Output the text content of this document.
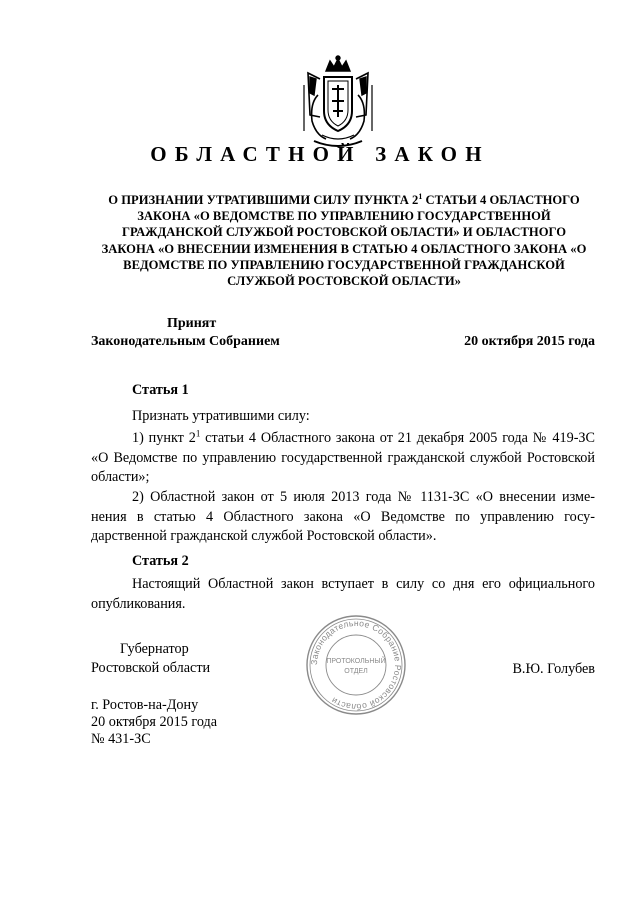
ОБЛАСТНОЙ ЗАКОН
О ПРИЗНАНИИ УТРАТИВШИМИ СИЛУ ПУНКТА $2^1$ СТАТЬИ 4 ОБЛАСТНОГО
ЗАКОНА «О ВЕДОМСТВЕ ПО УПРАВЛЕНИЮ ГОСУДАРСТВЕННОЙ
ГРАЖДАНСКОЙ СЛУЖБОЙ РОСТОВСКОЙ ОБЛАСТИ» И ОБЛАСТНОГО
ЗАКОНА «О ВНЕСЕНИИ ИЗМЕНЕНИЯ В СТАТЬЮ 4 ОБЛАСТНОГО ЗАКОНА «О
ВЕДОМСТВЕ ПО УПРАВЛЕНИЮ ГОСУДАРСТВЕННОЙ ГРАЖДАНСКОЙ
СЛУЖБОЙ РОСТОВСКОЙ ОБЛАСТИ»
Принят
Законодательным Собранием	20 октября 2015 года
Статья 1
Признать утратившими силу:
1) пункт $2^1$ статьи 4 Областного закона от 21 декабря 2005 года № 419-ЗС «О Ведомстве по управлению государственной гражданской службой Ростовской области»;
2) Областной закон от 5 июля 2013 года № 1131-ЗС «О внесении изме- нения в статью 4 Областного закона «О Ведомстве по управлению госу- дарственной гражданской службой Ростовской области».
Статья 2
Настоящий Областной закон вступает в силу со дня его официального опубликования.
Губернатор
Ростовской области	В.Ю. Голубев
Законодательное Собрание Ростовской области
ПРОТОКОЛЬНЫЙ
ОТДЕЛ
г. Ростов-на-Дону
20 октября 2015 года
№ 431-ЗС
